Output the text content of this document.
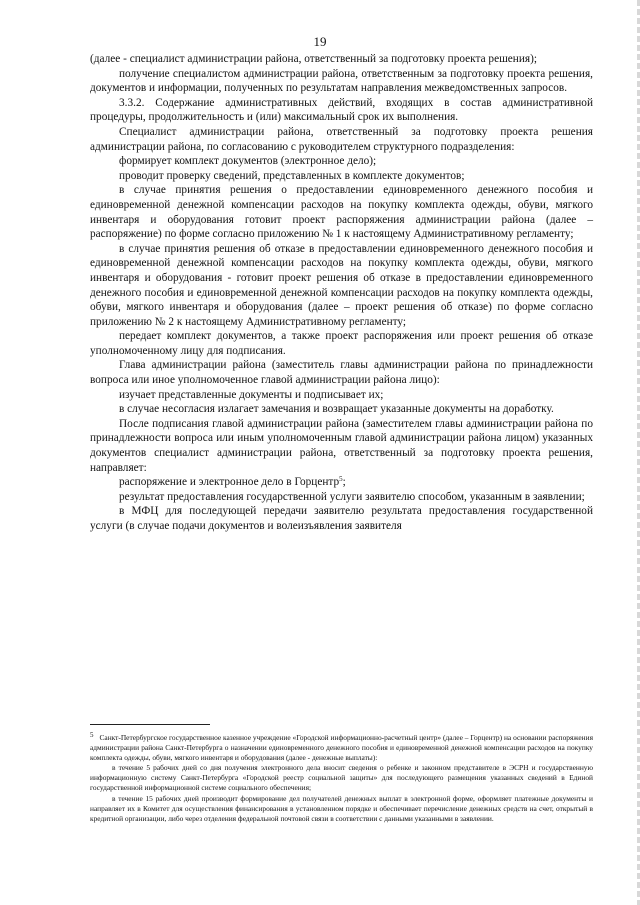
19

(далее - специалист администрации района, ответственный за подготовку проекта решения);

получение специалистом администрации района, ответственным за подготовку проекта решения, документов и информации, полученных по результатам направления межведомственных запросов.

3.3.2. Содержание административных действий, входящих в состав административной процедуры, продолжительность и (или) максимальный срок их выполнения.

Специалист администрации района, ответственный за подготовку проекта решения администрации района, по согласованию с руководителем структурного подразделения:

формирует комплект документов (электронное дело);

проводит проверку сведений, представленных в комплекте документов;

в случае принятия решения о предоставлении единовременного денежного пособия и единовременной денежной компенсации расходов на покупку комплекта одежды, обуви, мягкого инвентаря и оборудования готовит проект распоряжения администрации района (далее – распоряжение) по форме согласно приложению № 1 к настоящему Административному регламенту;

в случае принятия решения об отказе в предоставлении единовременного денежного пособия и единовременной денежной компенсации расходов на покупку комплекта одежды, обуви, мягкого инвентаря и оборудования - готовит проект решения об отказе в предоставлении единовременного денежного пособия и единовременной денежной компенсации расходов на покупку комплекта одежды, обуви, мягкого инвентаря и оборудования (далее – проект решения об отказе) по форме согласно приложению № 2 к настоящему Административному регламенту;

передает комплект документов, а также проект распоряжения или проект решения об отказе уполномоченному лицу для подписания.

Глава администрации района (заместитель главы администрации района по принадлежности вопроса или иное уполномоченное главой администрации района лицо):

изучает представленные документы и подписывает их;

в случае несогласия излагает замечания и возвращает указанные документы на доработку.

После подписания главой администрации района (заместителем главы администрации района по принадлежности вопроса или иным уполномоченным главой администрации района лицом) указанных документов специалист администрации района, ответственный за подготовку проекта решения, направляет:

распоряжение и электронное дело в Горцентр$^5$;

результат предоставления государственной услуги заявителю способом, указанным в заявлении;

в МФЦ для последующей передачи заявителю результата предоставления государственной услуги (в случае подачи документов и волеизъявления заявителя

5 Санкт-Петербургское государственное казенное учреждение «Городской информационно-расчетный центр» (далее – Горцентр) на основании распоряжения администрации района Санкт-Петербурга о назначении единовременного денежного пособия и единовременной денежной компенсации расходов на покупку комплекта одежды, обуви, мягкого инвентаря и оборудования (далее - денежные выплаты):

в течение 5 рабочих дней со дня получения электронного дела вносит сведения о ребенке и законном представителе в ЭСРН и государственную информационную систему Санкт-Петербурга «Городской реестр социальной защиты» для последующего размещения указанных сведений в Единой государственной информационной системе социального обеспечения;

в течение 15 рабочих дней производит формирование дел получателей денежных выплат в электронной форме, оформляет платежные документы и направляет их в Комитет для осуществления финансирования в установленном порядке и обеспечивает перечисление денежных средств на счет, открытый в кредитной организации, либо через отделения федеральной почтовой связи в соответствии с данными указанными в заявлении.
